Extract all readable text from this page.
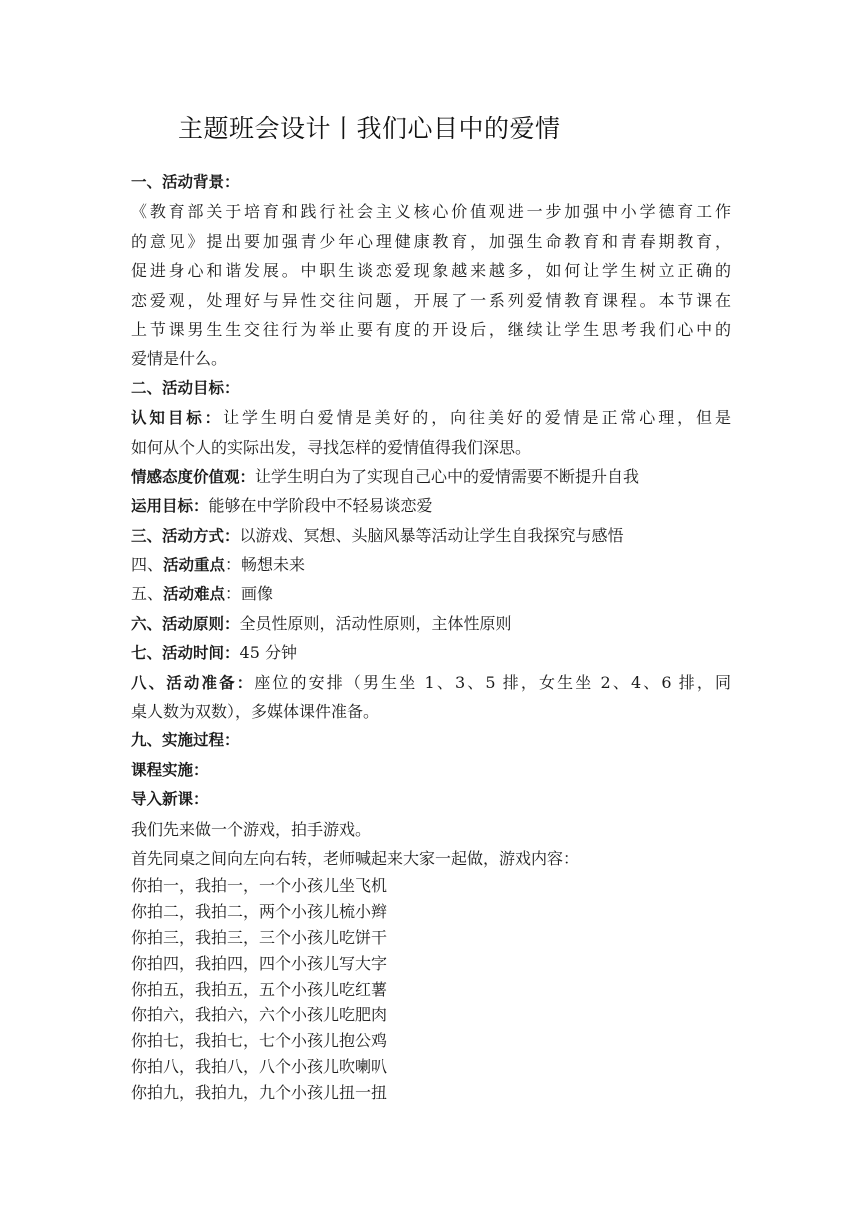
主题班会设计丨我们心目中的爱情
一、活动背景：
《教育部关于培育和践行社会主义核心价值观进一步加强中小学德育工作
的意见》提出要加强青少年心理健康教育，加强生命教育和青春期教育，
促进身心和谐发展。中职生谈恋爱现象越来越多，如何让学生树立正确的
恋爱观，处理好与异性交往问题，开展了一系列爱情教育课程。本节课在
上节课男生生交往行为举止要有度的开设后，继续让学生思考我们心中的
爱情是什么。
二、活动目标：
认知目标：让学生明白爱情是美好的，向往美好的爱情是正常心理，但是
如何从个人的实际出发，寻找怎样的爱情值得我们深思。
情感态度价值观：让学生明白为了实现自己心中的爱情需要不断提升自我
运用目标：能够在中学阶段中不轻易谈恋爱
三、活动方式：以游戏、冥想、头脑风暴等活动让学生自我探究与感悟
四、活动重点：畅想未来
五、活动难点：画像
六、活动原则：全员性原则，活动性原则，主体性原则
七、活动时间：45 分钟
八、活动准备：座位的安排（男生坐 1、3、5 排，女生坐 2、4、6 排，同
桌人数为双数），多媒体课件准备。
九、实施过程：
课程实施：
导入新课：
我们先来做一个游戏，拍手游戏。
首先同桌之间向左向右转，老师喊起来大家一起做，游戏内容：
你拍一，我拍一，一个小孩儿坐飞机
你拍二，我拍二，两个小孩儿梳小辫
你拍三，我拍三，三个小孩儿吃饼干
你拍四，我拍四，四个小孩儿写大字
你拍五，我拍五，五个小孩儿吃红薯
你拍六，我拍六，六个小孩儿吃肥肉
你拍七，我拍七，七个小孩儿抱公鸡
你拍八，我拍八，八个小孩儿吹喇叭
你拍九，我拍九，九个小孩儿扭一扭
